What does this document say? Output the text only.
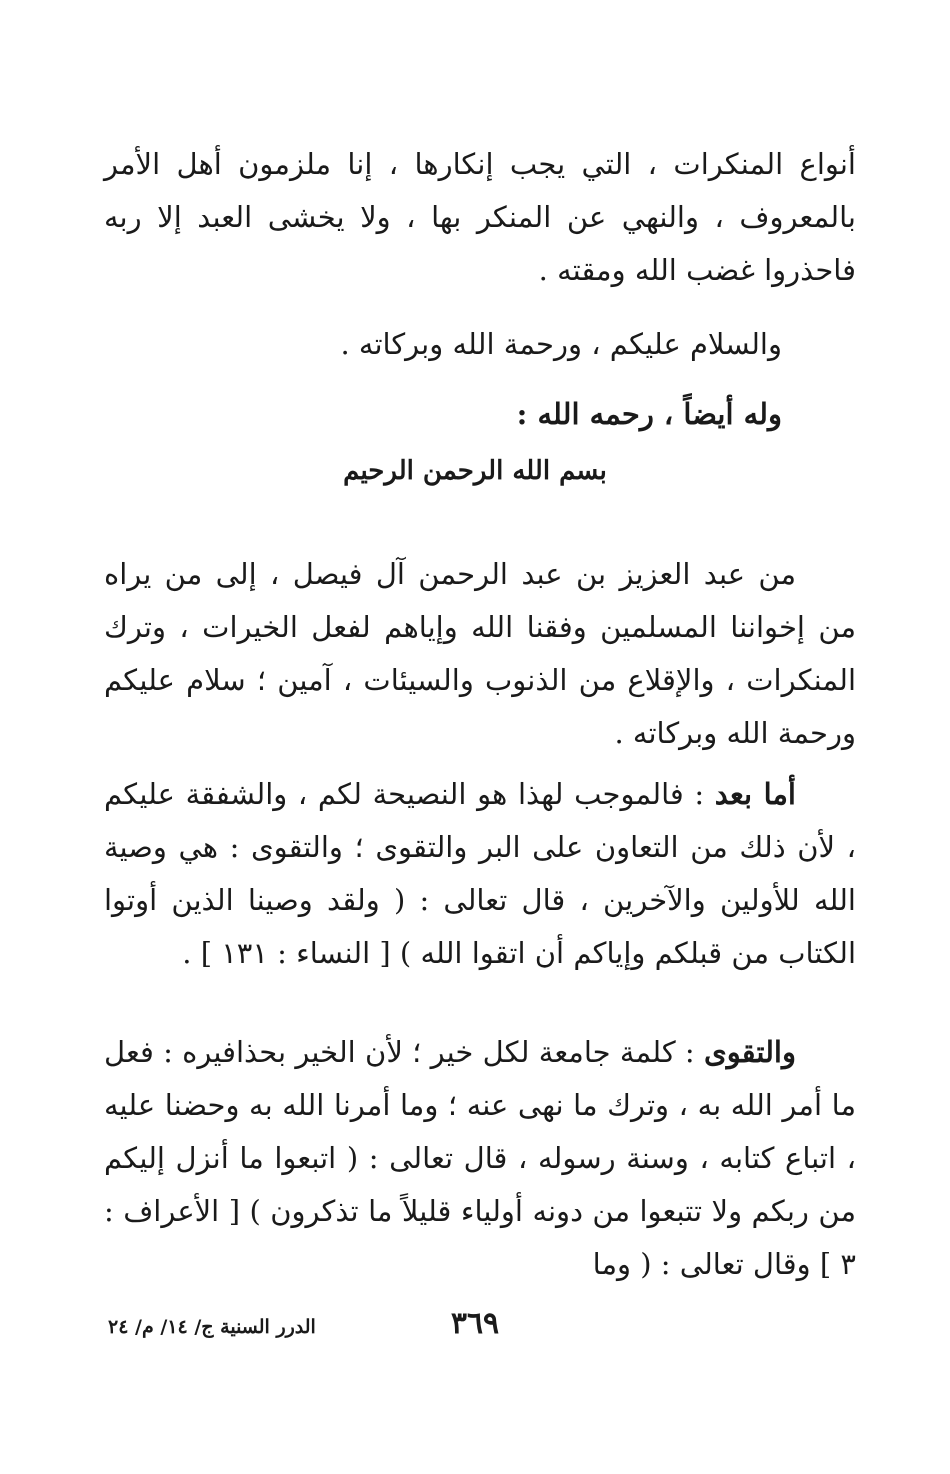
أنواع المنكرات ، التي يجب إنكارها ، إنا ملزمون أهل الأمر بالمعروف ، والنهي عن المنكر بها ، ولا يخشى العبد إلا ربه فاحذروا غضب الله ومقته .
والسلام عليكم ، ورحمة الله وبركاته .
وله أيضاً ، رحمه الله :
بسم الله الرحمن الرحيم
من عبد العزيز بن عبد الرحمن آل فيصل ، إلى من يراه من إخواننا المسلمين وفقنا الله وإياهم لفعل الخيرات ، وترك المنكرات ، والإقلاع من الذنوب والسيئات ، آمين ؛ سلام عليكم ورحمة الله وبركاته .
أما بعد : فالموجب لهذا هو النصيحة لكم ، والشفقة عليكم ، لأن ذلك من التعاون على البر والتقوى ؛ والتقوى : هي وصية الله للأولين والآخرين ، قال تعالى : ( ولقد وصينا الذين أوتوا الكتاب من قبلكم وإياكم أن اتقوا الله ) [ النساء : ١٣١ ] .
والتقوى : كلمة جامعة لكل خير ؛ لأن الخير بحذافيره : فعل ما أمر الله به ، وترك ما نهى عنه ؛ وما أمرنا الله به وحضنا عليه ، اتباع كتابه ، وسنة رسوله ، قال تعالى : ( اتبعوا ما أنزل إليكم من ربكم ولا تتبعوا من دونه أولياء قليلاً ما تذكرون ) [ الأعراف : ٣ ] وقال تعالى : ( وما
٣٦٩
الدرر السنية ج/ ١٤/ م/ ٢٤
